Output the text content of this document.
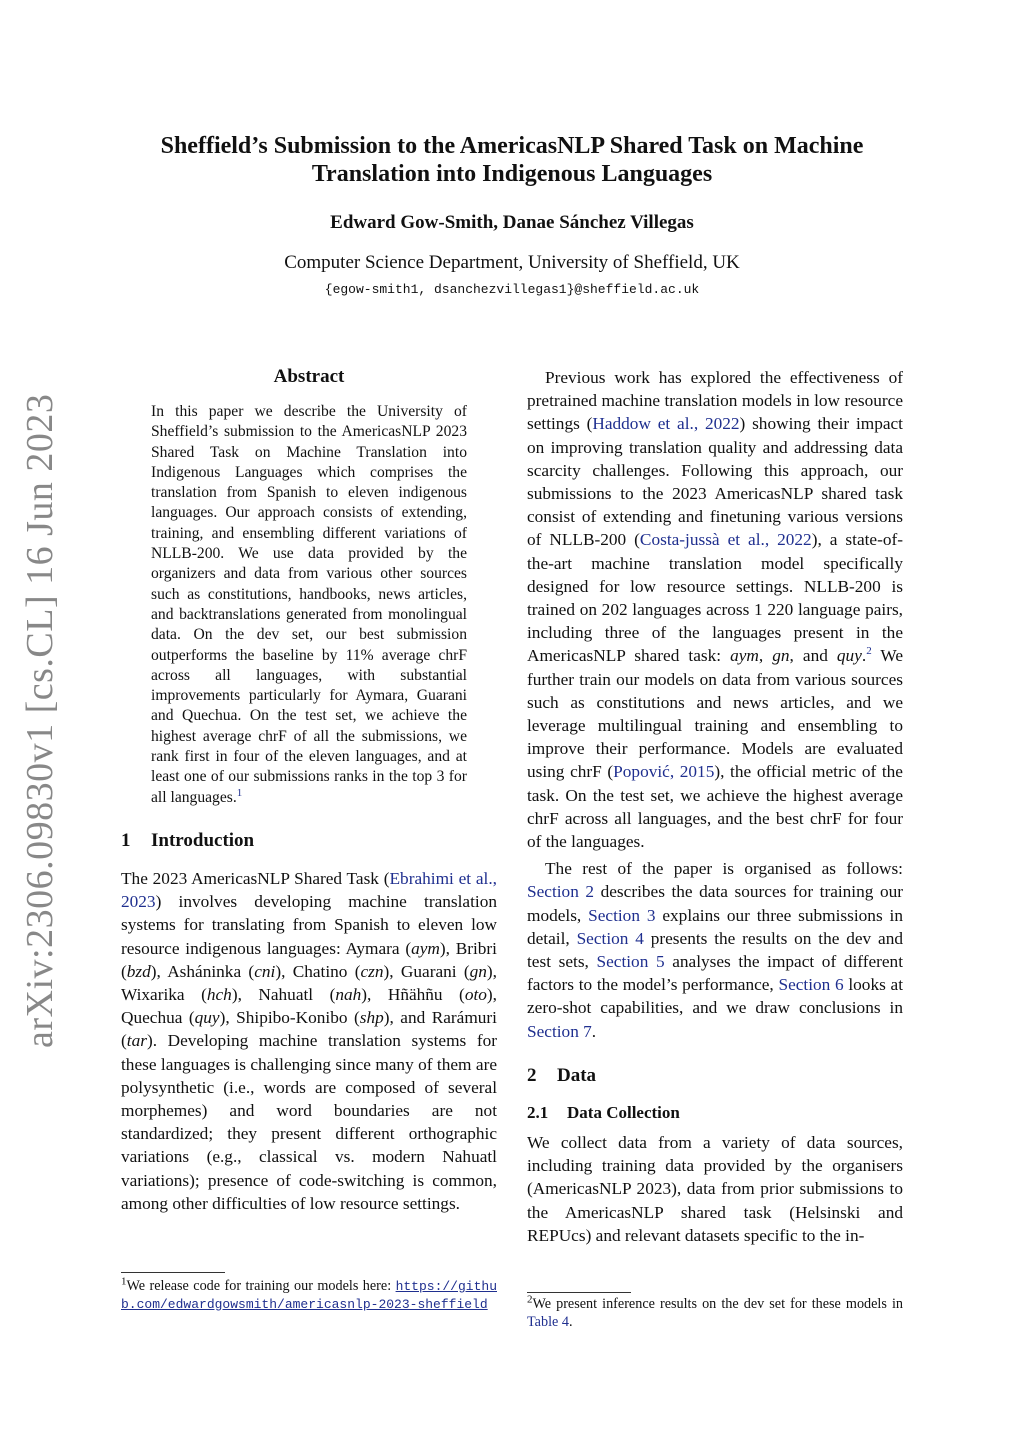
Sheffield’s Submission to the AmericasNLP Shared Task on Machine
Translation into Indigenous Languages
Edward Gow-Smith, Danae Sánchez Villegas
Computer Science Department, University of Sheffield, UK
{egow-smith1, dsanchezvillegas1}@sheffield.ac.uk
arXiv:2306.09830v1 [cs.CL] 16 Jun 2023
Abstract
In this paper we describe the University of Sheffield’s submission to the AmericasNLP 2023 Shared Task on Machine Translation into Indigenous Languages which comprises the translation from Spanish to eleven indigenous languages. Our approach consists of extending, training, and ensembling different variations of NLLB-200. We use data provided by the organizers and data from various other sources such as constitutions, handbooks, news articles, and backtranslations generated from monolingual data. On the dev set, our best submission outperforms the baseline by 11% average chrF across all languages, with substantial improvements particularly for Aymara, Guarani and Quechua. On the test set, we achieve the highest average chrF of all the submissions, we rank first in four of the eleven languages, and at least one of our submissions ranks in the top 3 for all languages.$^1$
1 Introduction

The 2023 AmericasNLP Shared Task (Ebrahimi et al., 2023) involves developing machine translation systems for translating from Spanish to eleven low resource indigenous languages: Aymara (aym), Bribri (bzd), Asháninka (cni), Chatino (czn), Guarani (gn), Wixarika (hch), Nahuatl (nah), Hñähñu (oto), Quechua (quy), Shipibo-Konibo (shp), and Rarámuri (tar). Developing machine translation systems for these languages is challenging since many of them are polysynthetic (i.e., words are composed of several morphemes) and word boundaries are not standardized; they present different orthographic variations (e.g., classical vs. modern Nahuatl variations); presence of code-switching is common, among other difficulties of low resource settings.

$^1$We release code for training our models here: https://github.com/edwardgowsmith/americasnlp-2023-sheffield

Previous work has explored the effectiveness of pretrained machine translation models in low resource settings (Haddow et al., 2022) showing their impact on improving translation quality and addressing data scarcity challenges. Following this approach, our submissions to the 2023 AmericasNLP shared task consist of extending and finetuning various versions of NLLB-200 (Costa-jussà et al., 2022), a state-of-the-art machine translation model specifically designed for low resource settings. NLLB-200 is trained on 202 languages across 1 220 language pairs, including three of the languages present in the AmericasNLP shared task: aym, gn, and quy.$^2$ We further train our models on data from various sources such as constitutions and news articles, and we leverage multilingual training and ensembling to improve their performance. Models are evaluated using chrF (Popović, 2015), the official metric of the task. On the test set, we achieve the highest average chrF across all languages, and the best chrF for four of the languages.

The rest of the paper is organised as follows: Section 2 describes the data sources for training our models, Section 3 explains our three submissions in detail, Section 4 presents the results on the dev and test sets, Section 5 analyses the impact of different factors to the model’s performance, Section 6 looks at zero-shot capabilities, and we draw conclusions in Section 7.

2 Data
2.1 Data Collection

We collect data from a variety of data sources, including training data provided by the organisers (AmericasNLP 2023), data from prior submissions to the AmericasNLP shared task (Helsinski and REPUcs) and relevant datasets specific to the in-

$^2$We present inference results on the dev set for these models in Table 4.
